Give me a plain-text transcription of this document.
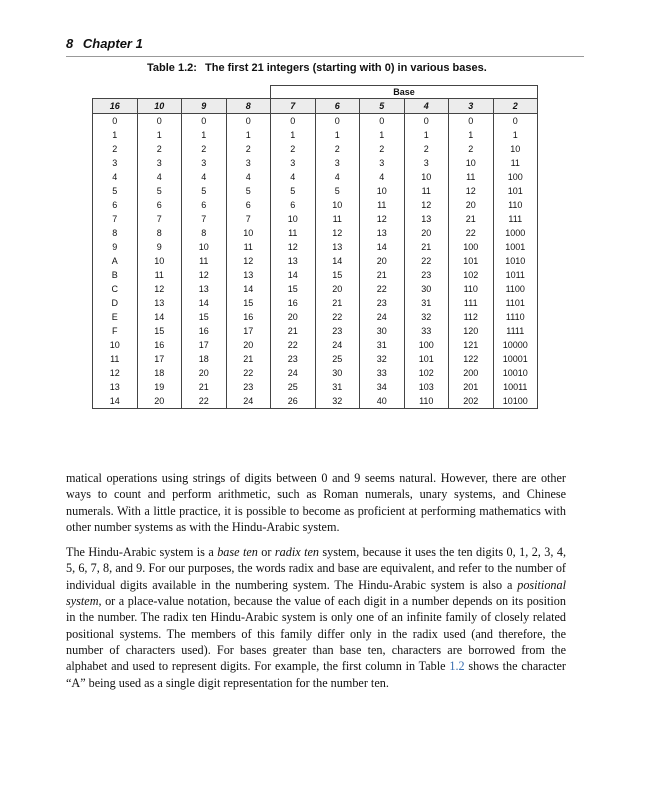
8 Chapter 1
Table 1.2: The first 21 integers (starting with 0) in various bases.
				Base					
16	10	9	8	7	6	5	4	3	2
0	0	0	0	0	0	0	0	0	0
1	1	1	1	1	1	1	1	1	1
2	2	2	2	2	2	2	2	2	10
3	3	3	3	3	3	3	3	10	11
4	4	4	4	4	4	4	10	11	100
5	5	5	5	5	5	10	11	12	101
6	6	6	6	6	10	11	12	20	110
7	7	7	7	10	11	12	13	21	111
8	8	8	10	11	12	13	20	22	1000
9	9	10	11	12	13	14	21	100	1001
A	10	11	12	13	14	20	22	101	1010
B	11	12	13	14	15	21	23	102	1011
C	12	13	14	15	20	22	30	110	1100
D	13	14	15	16	21	23	31	111	1101
E	14	15	16	20	22	24	32	112	1110
F	15	16	17	21	23	30	33	120	1111
10	16	17	20	22	24	31	100	121	10000
11	17	18	21	23	25	32	101	122	10001
12	18	20	22	24	30	33	102	200	10010
13	19	21	23	25	31	34	103	201	10011
14	20	22	24	26	32	40	110	202	10100

matical operations using strings of digits between 0 and 9 seems natural. However, there are other ways to count and perform arithmetic, such as Roman numerals, unary systems, and Chinese numerals. With a little practice, it is possible to become as proficient at performing mathematics with other number systems as with the Hindu-Arabic system.

The Hindu-Arabic system is a base ten or radix ten system, because it uses the ten digits 0, 1, 2, 3, 4, 5, 6, 7, 8, and 9. For our purposes, the words radix and base are equivalent, and refer to the number of individual digits available in the numbering system. The Hindu-Arabic system is also a positional system, or a place-value notation, because the value of each digit in a number depends on its position in the number. The radix ten Hindu-Arabic system is only one of an infinite family of closely related positional systems. The members of this family differ only in the radix used (and therefore, the number of characters used). For bases greater than base ten, characters are borrowed from the alphabet and used to represent digits. For example, the first column in Table 1.2 shows the character “A” being used as a single digit representation for the number ten.
